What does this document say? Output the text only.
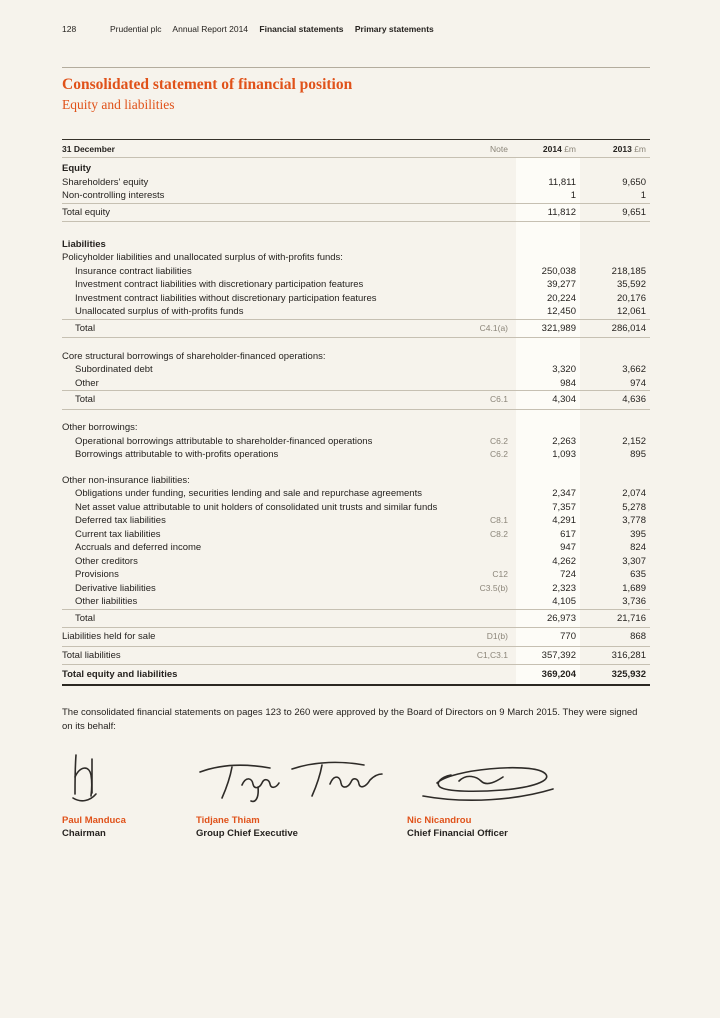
128	Prudential plc Annual Report 2014 Financial statements Primary statements
Consolidated statement of financial position
Equity and liabilities
31 December	Note	2014 £m	2013 £m
Equity			
Shareholders' equity		11,811	9,650
Non-controlling interests		1	1
Total equity		11,812	9,651

Liabilities			
Policyholder liabilities and unallocated surplus of with-profits funds:			
Insurance contract liabilities		250,038	218,185
Investment contract liabilities with discretionary participation features		39,277	35,592
Investment contract liabilities without discretionary participation features		20,224	20,176
Unallocated surplus of with-profits funds		12,450	12,061
Total	C4.1(a)	321,989	286,014

Core structural borrowings of shareholder-financed operations:			
Subordinated debt		3,320	3,662
Other		984	974
Total	C6.1	4,304	4,636

Other borrowings:			
Operational borrowings attributable to shareholder-financed operations	C6.2	2,263	2,152
Borrowings attributable to with-profits operations	C6.2	1,093	895

Other non-insurance liabilities:			
Obligations under funding, securities lending and sale and repurchase agreements		2,347	2,074
Net asset value attributable to unit holders of consolidated unit trusts and similar funds		7,357	5,278
Deferred tax liabilities	C8.1	4,291	3,778
Current tax liabilities	C8.2	617	395
Accruals and deferred income		947	824
Other creditors		4,262	3,307
Provisions	C12	724	635
Derivative liabilities	C3.5(b)	2,323	1,689
Other liabilities		4,105	3,736
Total		26,973	21,716
Liabilities held for sale	D1(b)	770	868
Total liabilities	C1,C3.1	357,392	316,281
Total equity and liabilities		369,204	325,932

The consolidated financial statements on pages 123 to 260 were approved by the Board of Directors on 9 March 2015. They were signed on its behalf:

Paul Manduca
Chairman
Tidjane Thiam
Group Chief Executive
Nic Nicandrou
Chief Financial Officer
